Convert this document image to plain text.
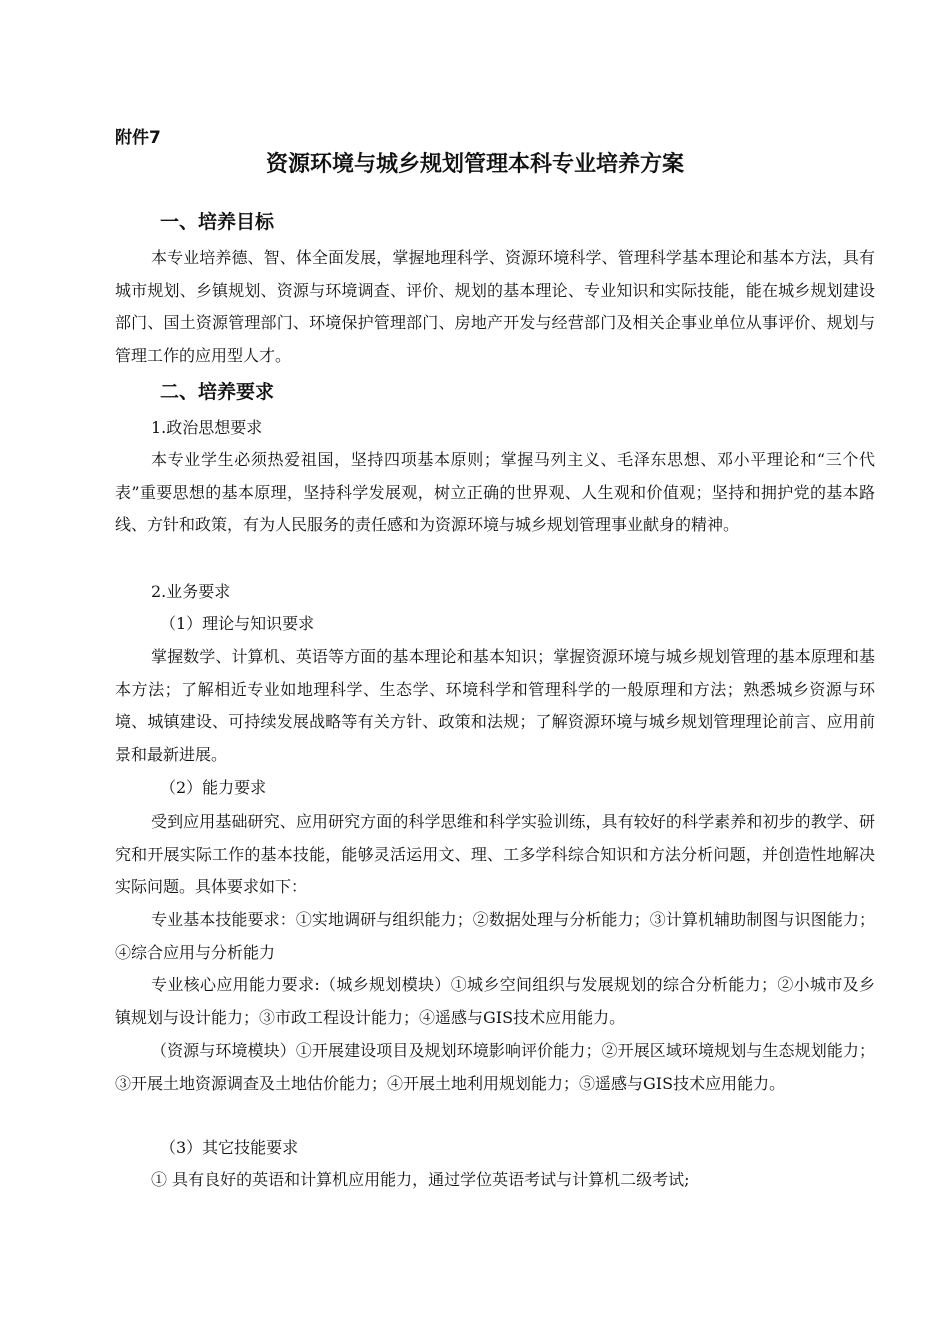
附件7
资源环境与城乡规划管理本科专业培养方案
一、培养目标
本专业培养德、智、体全面发展，掌握地理科学、资源环境科学、管理科学基本理论和基本方法，具有城市规划、乡镇规划、资源与环境调查、评价、规划的基本理论、专业知识和实际技能，能在城乡规划建设部门、国土资源管理部门、环境保护管理部门、房地产开发与经营部门及相关企事业单位从事评价、规划与管理工作的应用型人才。
二、培养要求
1.政治思想要求
本专业学生必须热爱祖国，坚持四项基本原则；掌握马列主义、毛泽东思想、邓小平理论和“三个代表”重要思想的基本原理，坚持科学发展观，树立正确的世界观、人生观和价值观；坚持和拥护党的基本路线、方针和政策，有为人民服务的责任感和为资源环境与城乡规划管理事业献身的精神。
2.业务要求
（1）理论与知识要求
掌握数学、计算机、英语等方面的基本理论和基本知识；掌握资源环境与城乡规划管理的基本原理和基本方法；了解相近专业如地理科学、生态学、环境科学和管理科学的一般原理和方法；熟悉城乡资源与环境、城镇建设、可持续发展战略等有关方针、政策和法规；了解资源环境与城乡规划管理理论前言、应用前景和最新进展。
（2）能力要求
受到应用基础研究、应用研究方面的科学思维和科学实验训练，具有较好的科学素养和初步的教学、研究和开展实际工作的基本技能，能够灵活运用文、理、工多学科综合知识和方法分析问题，并创造性地解决实际问题。具体要求如下：
专业基本技能要求：①实地调研与组织能力；②数据处理与分析能力；③计算机辅助制图与识图能力；④综合应用与分析能力
专业核心应用能力要求:（城乡规划模块）①城乡空间组织与发展规划的综合分析能力；②小城市及乡镇规划与设计能力；③市政工程设计能力；④遥感与GIS技术应用能力。
（资源与环境模块）①开展建设项目及规划环境影响评价能力；②开展区域环境规划与生态规划能力；③开展土地资源调查及土地估价能力；④开展土地利用规划能力；⑤遥感与GIS技术应用能力。
（3）其它技能要求
① 具有良好的英语和计算机应用能力，通过学位英语考试与计算机二级考试;
